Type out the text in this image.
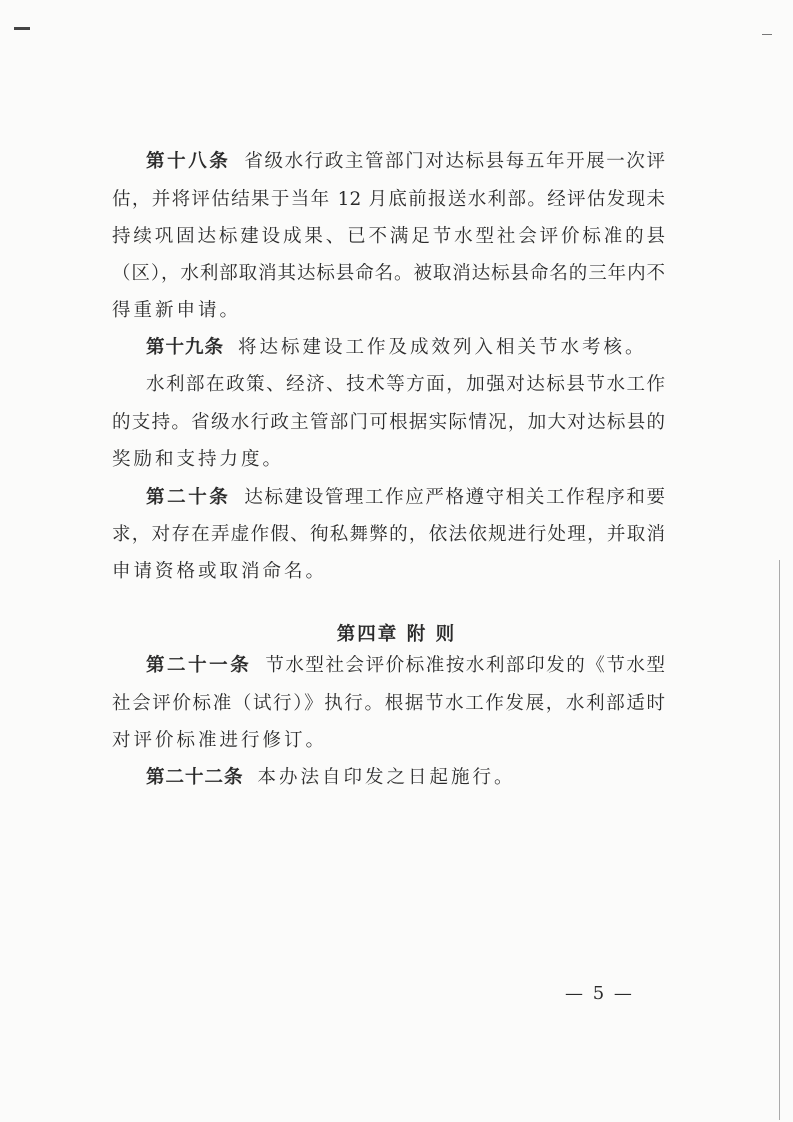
第十八条 省级水行政主管部门对达标县每五年开展一次评
估，并将评估结果于当年 12 月底前报送水利部。经评估发现未
持续巩固达标建设成果、已不满足节水型社会评价标准的县
（区），水利部取消其达标县命名。被取消达标县命名的三年内不
得重新申请。
第十九条 将达标建设工作及成效列入相关节水考核。
水利部在政策、经济、技术等方面，加强对达标县节水工作
的支持。省级水行政主管部门可根据实际情况，加大对达标县的
奖励和支持力度。
第二十条 达标建设管理工作应严格遵守相关工作程序和要
求，对存在弄虚作假、徇私舞弊的，依法依规进行处理，并取消
申请资格或取消命名。
第二十一条 节水型社会评价标准按水利部印发的《节水型
社会评价标准（试行）》执行。根据节水工作发展，水利部适时
对评价标准进行修订。
第二十二条 本办法自印发之日起施行。
第四章 附 则
— 5 —
